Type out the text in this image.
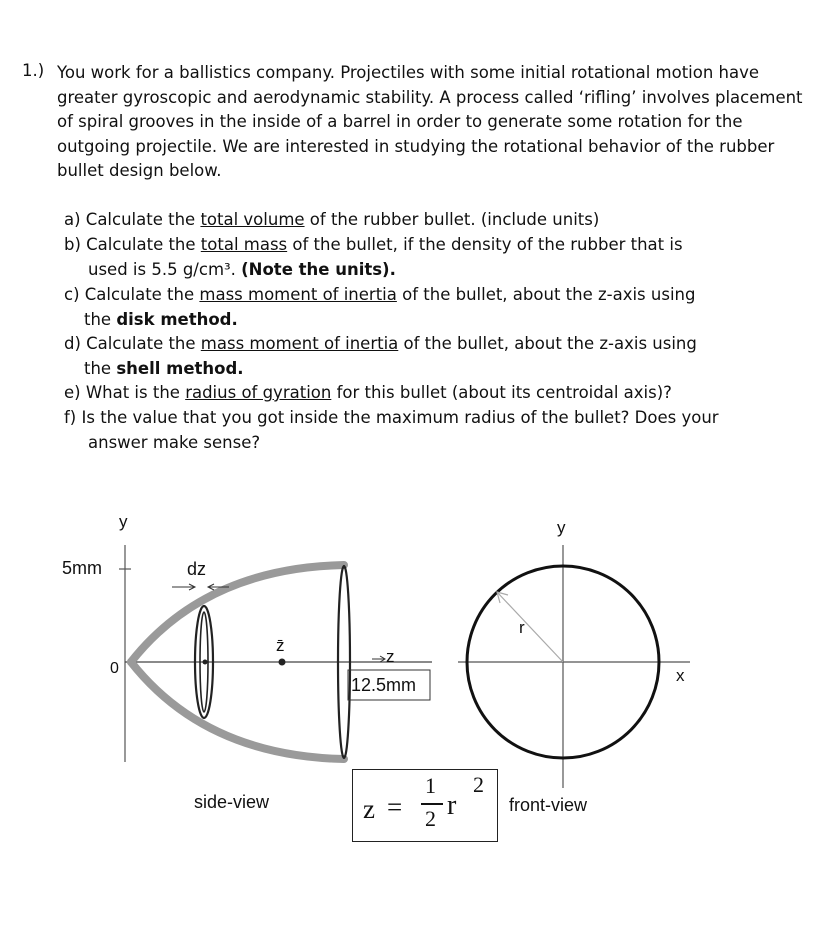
1.) You work for a ballistics company. Projectiles with some initial rotational motion have
greater gyroscopic and aerodynamic stability. A process called ‘rifling’ involves placement
of spiral grooves in the inside of a barrel in order to generate some rotation for the
outgoing projectile. We are interested in studying the rotational behavior of the rubber
bullet design below.
a) Calculate the total volume of the rubber bullet. (include units)
b) Calculate the total mass of the bullet, if the density of the rubber that is
used is 5.5 g/cm³. (Note the units).
c) Calculate the mass moment of inertia of the bullet, about the z-axis using
the disk method.
d) Calculate the mass moment of inertia of the bullet, about the z-axis using
the shell method.
e) What is the radius of gyration for this bullet (about its centroidal axis)?
f) Is the value that you got inside the maximum radius of the bullet? Does your
answer make sense?
y
5mm	dz
0
z̄
z
12.5mm
side-view
y
r
x
front-view
z =
1
2 r
2
